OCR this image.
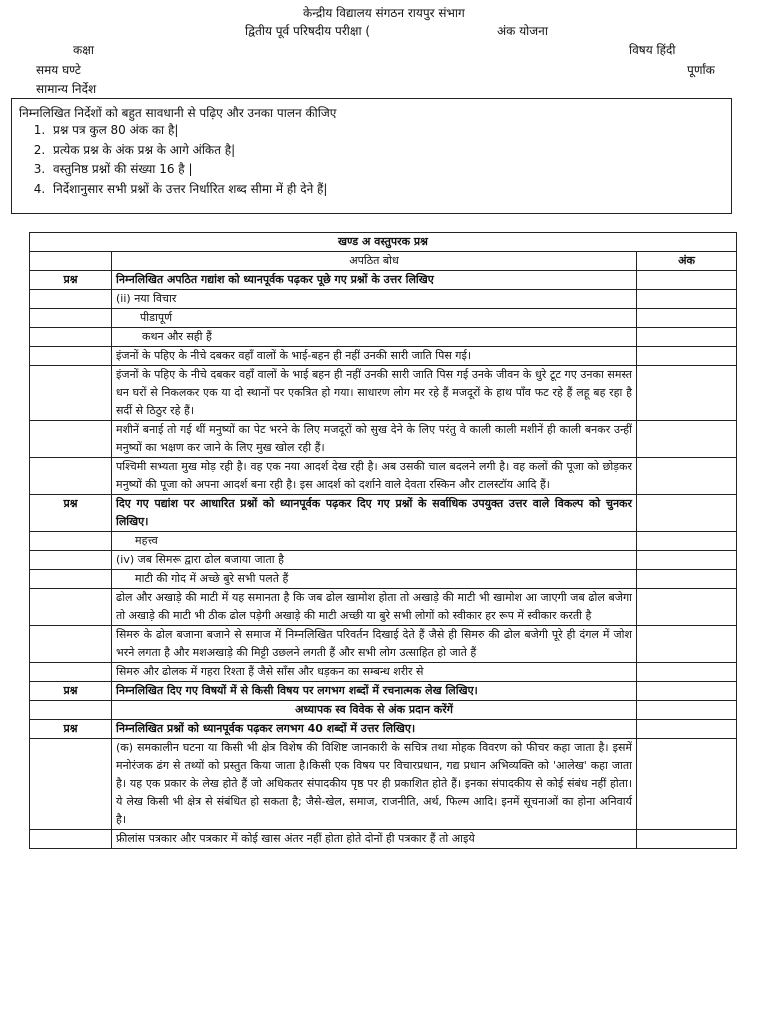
केन्द्रीय विद्यालय संगठन रायपुर संभाग
द्वितीय पूर्व परिषदीय परीक्षा (	अंक योजना
कक्षा	विषय हिंदी
समय घण्टे	पूर्णांक
सामान्य निर्देश
निम्नलिखित निर्देशों को बहुत सावधानी से पढ़िए और उनका पालन कीजिए
1. प्रश्न पत्र कुल 80 अंक का है|
2. प्रत्येक प्रश्न के अंक प्रश्न के आगे अंकित है|
3. वस्तुनिष्ठ प्रश्नों की संख्या 16 है |
4. निर्देशानुसार सभी प्रश्नों के उत्तर निर्धारित शब्द सीमा में ही देने हैं|
खण्ड अ वस्तुपरक प्रश्न		
	अपठित बोध	अंक
प्रश्न	निम्नलिखित अपठित गद्यांश को ध्यानपूर्वक पढ़कर पूछे गए प्रश्नों के उत्तर लिखिए	
	(ii) नया विचार	
	पीडापूर्ण	
	कथन और सही हैं	
	इंजनों के पहिए के नीचे दबकर वहाँ वालों के भाई-बहन ही नहीं उनकी सारी जाति पिस गई।	
	इंजनों के पहिए के नीचे दबकर वहाँ वालों के भाई बहन ही नहीं उनकी सारी जाति पिस गई उनके जीवन के धुरे टूट गए उनका समस्त धन घरों से निकलकर एक या दो स्थानों पर एकत्रित हो गया। साधारण लोग मर रहे हैं मजदूरों के हाथ पाँव फट रहे हैं लहू बह रहा है सर्दी से ठिठुर रहे हैं।	
	मशीनें बनाई तो गई थीं मनुष्यों का पेट भरने के लिए मजदूरों को सुख देने के लिए परंतु वे काली काली मशीनें ही काली बनकर उन्हीं मनुष्यों का भक्षण कर जाने के लिए मुख खोल रही हैं।	
	पश्चिमी सभ्यता मुख मोड़ रही है। वह एक नया आदर्श देख रही है। अब उसकी चाल बदलने लगी है। वह कलों की पूजा को छोड़कर मनुष्यों की पूजा को अपना आदर्श बना रही है। इस आदर्श को दर्शाने वाले देवता रस्किन और टालस्टॉय आदि हैं।	
प्रश्न	दिए गए पद्यांश पर आधारित प्रश्नों को ध्यानपूर्वक पढ़कर दिए गए प्रश्नों के सर्वाधिक उपयुक्त उत्तर वाले विकल्प को चुनकर लिखिए।	
	महत्त्व	
	(iv) जब सिमरू द्वारा ढोल बजाया जाता है	
	माटी की गोद में अच्छे बुरे सभी पलते हैं	
	ढोल और अखाड़े की माटी में यह समानता है कि जब ढोल खामोश होता तो अखाड़े की माटी भी खामोश आ जाएगी जब ढोल बजेगा तो अखाड़े की माटी भी ठीक ढोल पड़ेगी अखाड़े की माटी अच्छी या बुरे सभी लोगों को स्वीकार हर रूप में स्वीकार करती है	
	सिमरु के ढोल बजाना बजाने से समाज में निम्नलिखित परिवर्तन दिखाई देते हैं जैसे ही सिमरु की ढोल बजेगी पूरे ही दंगल में जोश भरने लगता है और मशअखाड़े की मिट्टी उछलने लगती हैं और सभी लोग उत्साहित हो जाते हैं	
	सिमरु और ढोलक में गहरा रिश्ता हैं जैसे साँस और धड़कन का सम्बन्ध शरीर से	
प्रश्न	निम्नलिखित दिए गए विषयों में से किसी विषय पर लगभग शब्दों में रचनात्मक लेख लिखिए।	
	अध्यापक स्व विवेक से अंक प्रदान करेंगें	
प्रश्न	निम्नलिखित प्रश्नों को ध्यानपूर्वक पढ़कर लगभग 40 शब्दों में उत्तर लिखिए।	
	(क) समकालीन घटना या किसी भी क्षेत्र विशेष की विशिष्ट जानकारी के सचित्र तथा मोहक विवरण को फीचर कहा जाता है। इसमें मनोरंजक ढंग से तथ्यों को प्रस्तुत किया जाता है।किसी एक विषय पर विचारप्रधान, गद्य प्रधान अभिव्यक्ति को 'आलेख' कहा जाता है। यह एक प्रकार के लेख होते हैं जो अधिकतर संपादकीय पृष्ठ पर ही प्रकाशित होते हैं। इनका संपादकीय से कोई संबंध नहीं होता। ये लेख किसी भी क्षेत्र से संबंधित हो सकता है; जैसे-खेल, समाज, राजनीति, अर्थ, फिल्म आदि। इनमें सूचनाओं का होना अनिवार्य है।	
	फ्रीलांस पत्रकार और पत्रकार में कोई खास अंतर नहीं होता होते दोनों ही पत्रकार हैं तो आइये	
